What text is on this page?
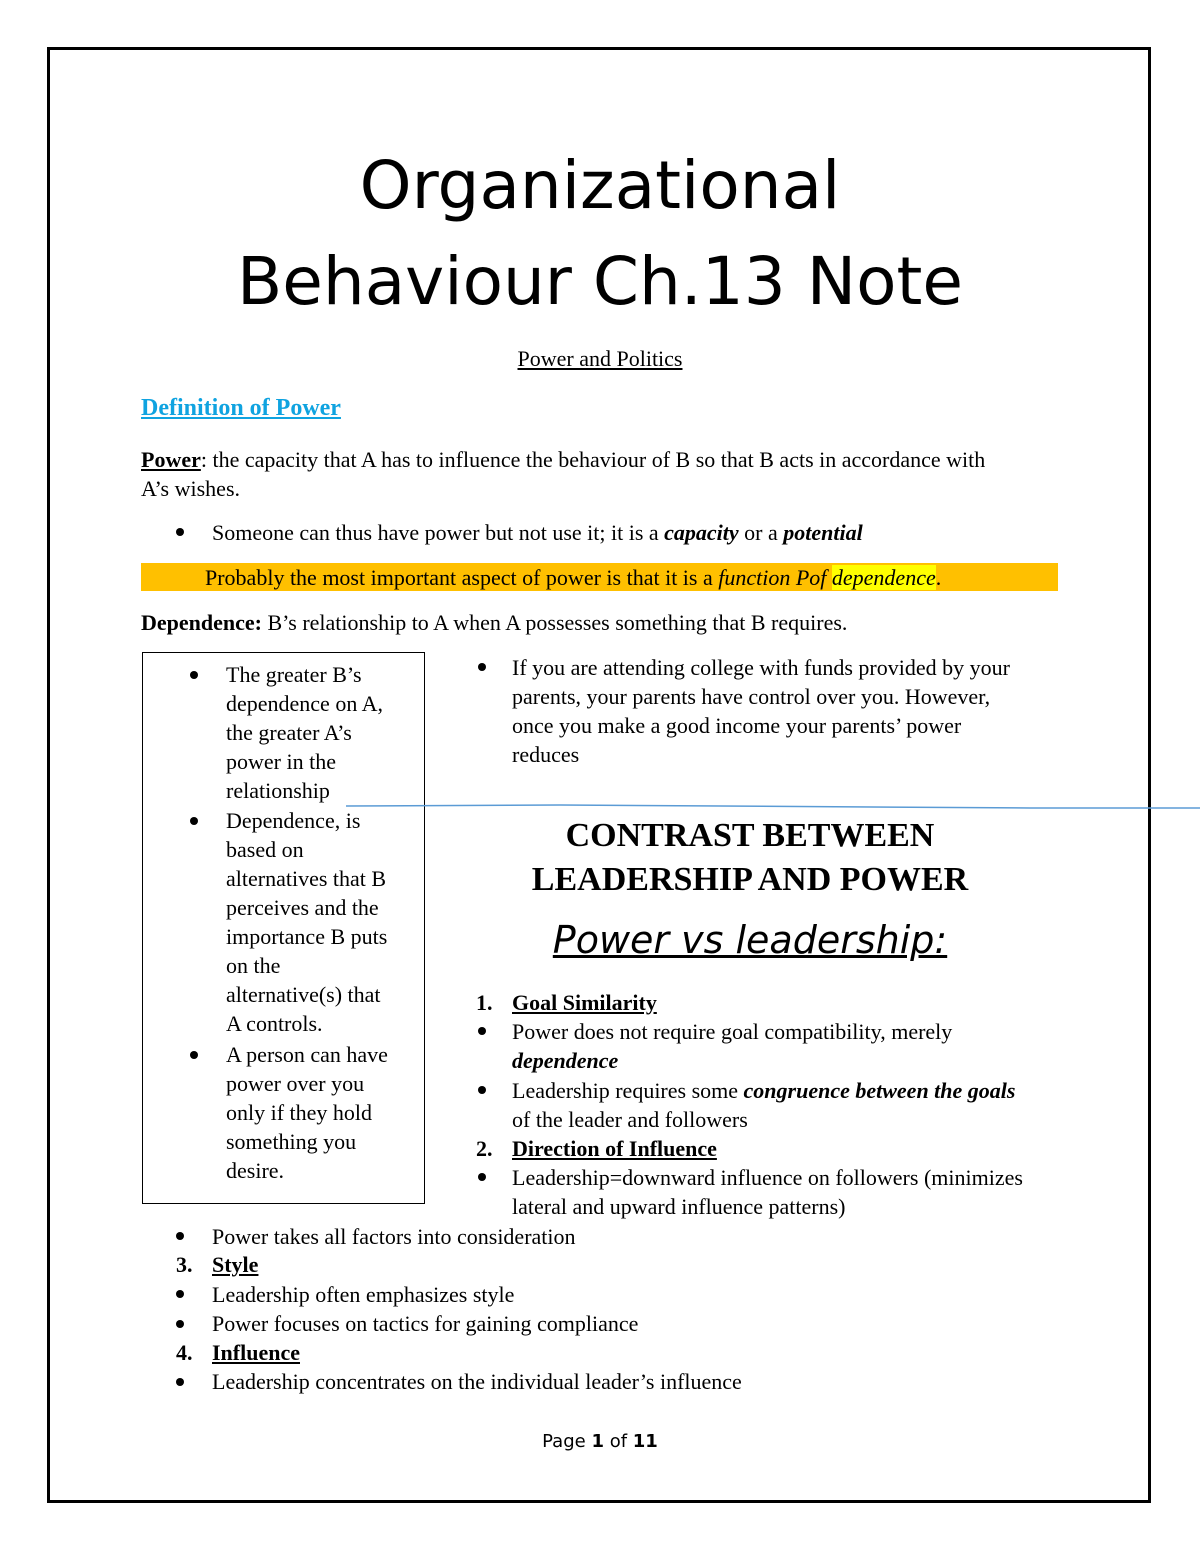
Organizational
Behaviour Ch.13 Note
Power and Politics
Definition of Power
Power: the capacity that A has to influence the behaviour of B so that B acts in accordance with
A’s wishes.
Someone can thus have power but not use it; it is a capacity or a potential
Probably the most important aspect of power is that it is a function Pof dependence.
Dependence: B’s relationship to A when A possesses something that B requires.
The greater B’s
dependence on A,
the greater A’s
power in the
relationship
Dependence, is
based on
alternatives that B
perceives and the
importance B puts
on the
alternative(s) that
A controls.
A person can have
power over you
only if they hold
something you
desire.
If you are attending college with funds provided by your
parents, your parents have control over you. However,
once you make a good income your parents’ power
reduces
CONTRAST BETWEEN
LEADERSHIP AND POWER
Power vs leadership:
1. Goal Similarity
Power does not require goal compatibility, merely
dependence
Leadership requires some congruence between the goals
of the leader and followers
2. Direction of Influence
Leadership=downward influence on followers (minimizes
lateral and upward influence patterns)
Power takes all factors into consideration
3. Style
Leadership often emphasizes style
Power focuses on tactics for gaining compliance
4. Influence
Leadership concentrates on the individual leader’s influence
Page 1 of 11
